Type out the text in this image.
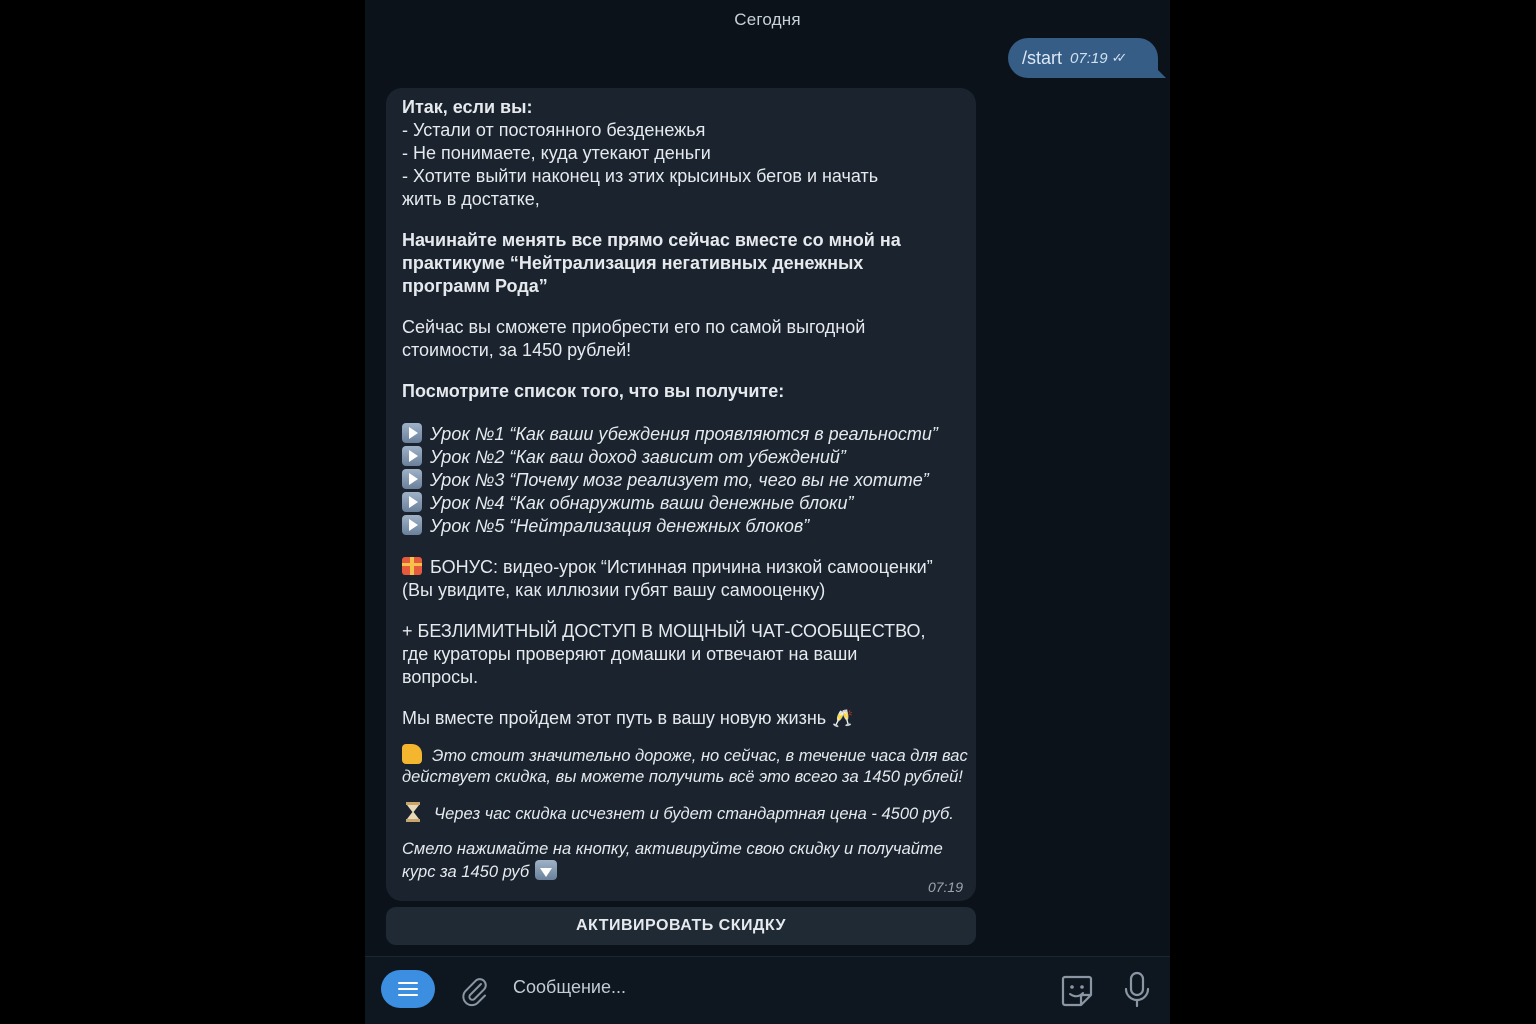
Сегодня
/start 07:19 ✓✓
Итак, если вы:
- Устали от постоянного безденежья
- Не понимаете, куда утекают деньги
- Хотите выйти наконец из этих крысиных бегов и начать
жить в достатке,
Начинайте менять все прямо сейчас вместе со мной на
практикуме “Нейтрализация негативных денежных
программ Рода”
Сейчас вы сможете приобрести его по самой выгодной
стоимости, за 1450 рублей!
Посмотрите список того, что вы получите:
Урок №1 “Как ваши убеждения проявляются в реальности”
Урок №2 “Как ваш доход зависит от убеждений”
Урок №3 “Почему мозг реализует то, чего вы не хотите”
Урок №4 “Как обнаружить ваши денежные блоки”
Урок №5 “Нейтрализация денежных блоков”
БОНУС: видео-урок “Истинная причина низкой самооценки”
(Вы увидите, как иллюзии губят вашу самооценку)
+ БЕЗЛИМИТНЫЙ ДОСТУП В МОЩНЫЙ ЧАТ-СООБЩЕСТВО,
где кураторы проверяют домашки и отвечают на ваши
вопросы.
Мы вместе пройдем этот путь в вашу новую жизнь 🥂
Это стоит значительно дороже, но сейчас, в течение часа для вас
действует скидка, вы можете получить всё это всего за 1450 рублей!
Через час скидка исчезнет и будет стандартная цена - 4500 руб.
Смело нажимайте на кнопку, активируйте свою скидку и получайте
курс за 1450 руб
07:19
АКТИВИРОВАТЬ СКИДКУ
Сообщение...
